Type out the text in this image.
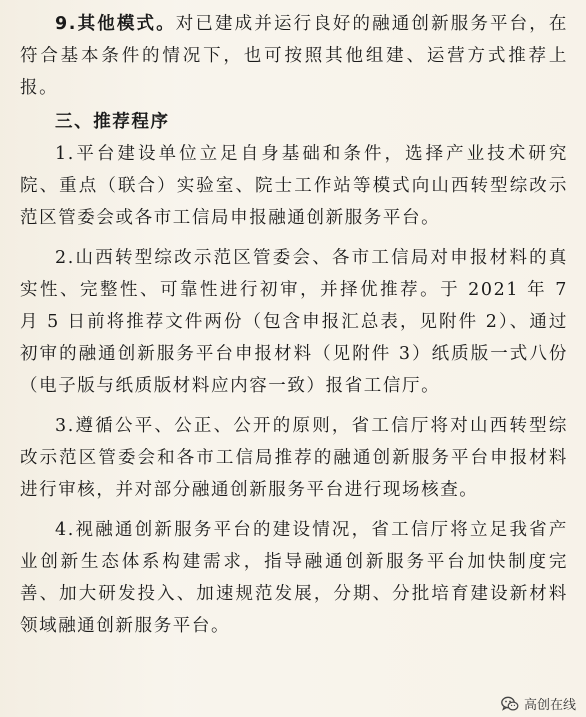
9.其他模式。对已建成并运行良好的融通创新服务平台，在符合基本条件的情况下，也可按照其他组建、运营方式推荐上报。

三、推荐程序

1.平台建设单位立足自身基础和条件，选择产业技术研究院、重点（联合）实验室、院士工作站等模式向山西转型综改示范区管委会或各市工信局申报融通创新服务平台。

2.山西转型综改示范区管委会、各市工信局对申报材料的真实性、完整性、可靠性进行初审，并择优推荐。于 2021 年 7 月 5 日前将推荐文件两份（包含申报汇总表，见附件 2）、通过初审的融通创新服务平台申报材料（见附件 3）纸质版一式八份（电子版与纸质版材料应内容一致）报省工信厅。

3.遵循公平、公正、公开的原则，省工信厅将对山西转型综改示范区管委会和各市工信局推荐的融通创新服务平台申报材料进行审核，并对部分融通创新服务平台进行现场核查。

4.视融通创新服务平台的建设情况，省工信厅将立足我省产业创新生态体系构建需求，指导融通创新服务平台加快制度完善、加大研发投入、加速规范发展，分期、分批培育建设新材料领域融通创新服务平台。

高创在线
